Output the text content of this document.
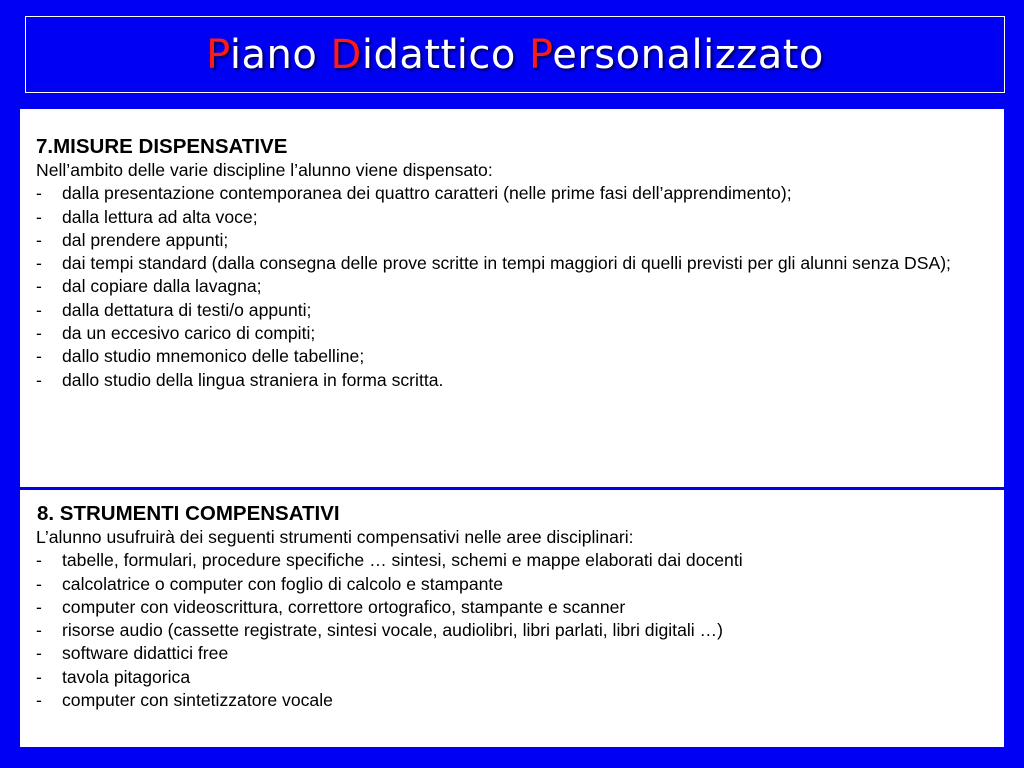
Piano Didattico Personalizzato

7.MISURE DISPENSATIVE

Nell’ambito delle varie discipline l’alunno viene dispensato:

-	dalla presentazione contemporanea dei quattro caratteri (nelle prime fasi dell’apprendimento);
-	dalla lettura ad alta voce;
-	dal prendere appunti;
-	dai tempi standard (dalla consegna delle prove scritte in tempi maggiori di quelli previsti per gli alunni senza DSA);
-	dal copiare dalla lavagna;
-	dalla dettatura di testi/o appunti;
-	da un eccesivo carico di compiti;
-	dallo studio mnemonico delle tabelline;
-	dallo studio della lingua straniera in forma scritta.

8. STRUMENTI COMPENSATIVI

L’alunno usufruirà dei seguenti strumenti compensativi nelle aree disciplinari:

-	tabelle, formulari, procedure specifiche … sintesi, schemi e mappe elaborati dai docenti
-	calcolatrice o computer con foglio di calcolo e stampante
-	computer con videoscrittura, correttore ortografico, stampante e scanner
-	risorse audio (cassette registrate, sintesi vocale, audiolibri, libri parlati, libri digitali …)
-	software didattici free
-	tavola pitagorica
-	computer con sintetizzatore vocale
